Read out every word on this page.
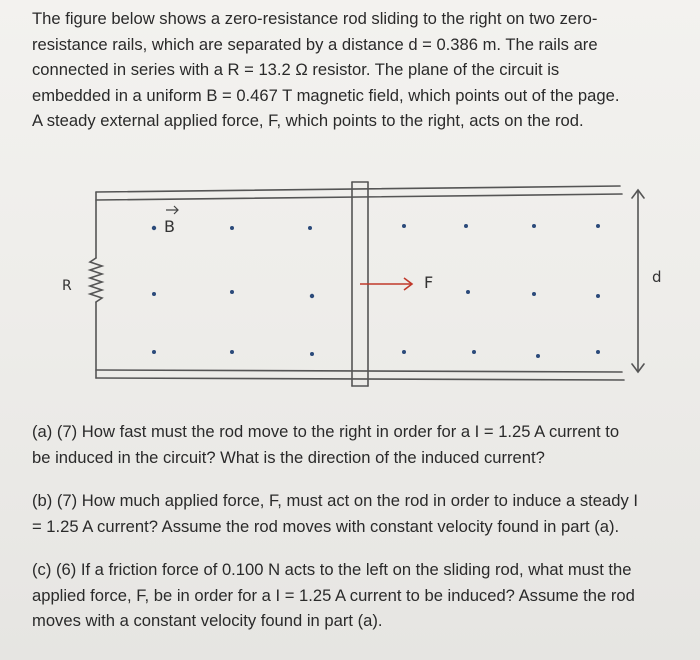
The figure below shows a zero-resistance rod sliding to the right on two zero-

resistance rails, which are separated by a distance d = 0.386 m. The rails are

connected in series with a R = 13.2 Ω resistor. The plane of the circuit is

embedded in a uniform B = 0.467 T magnetic field, which points out of the page.

A steady external applied force, F, which points to the right, acts on the rod.

B
R	F	d

(a) (7) How fast must the rod move to the right in order for a I = 1.25 A current to

be induced in the circuit? What is the direction of the induced current?

(b) (7) How much applied force, F, must act on the rod in order to induce a steady I

= 1.25 A current? Assume the rod moves with constant velocity found in part (a).

(c) (6) If a friction force of 0.100 N acts to the left on the sliding rod, what must the

applied force, F, be in order for a I = 1.25 A current to be induced? Assume the rod

moves with a constant velocity found in part (a).
